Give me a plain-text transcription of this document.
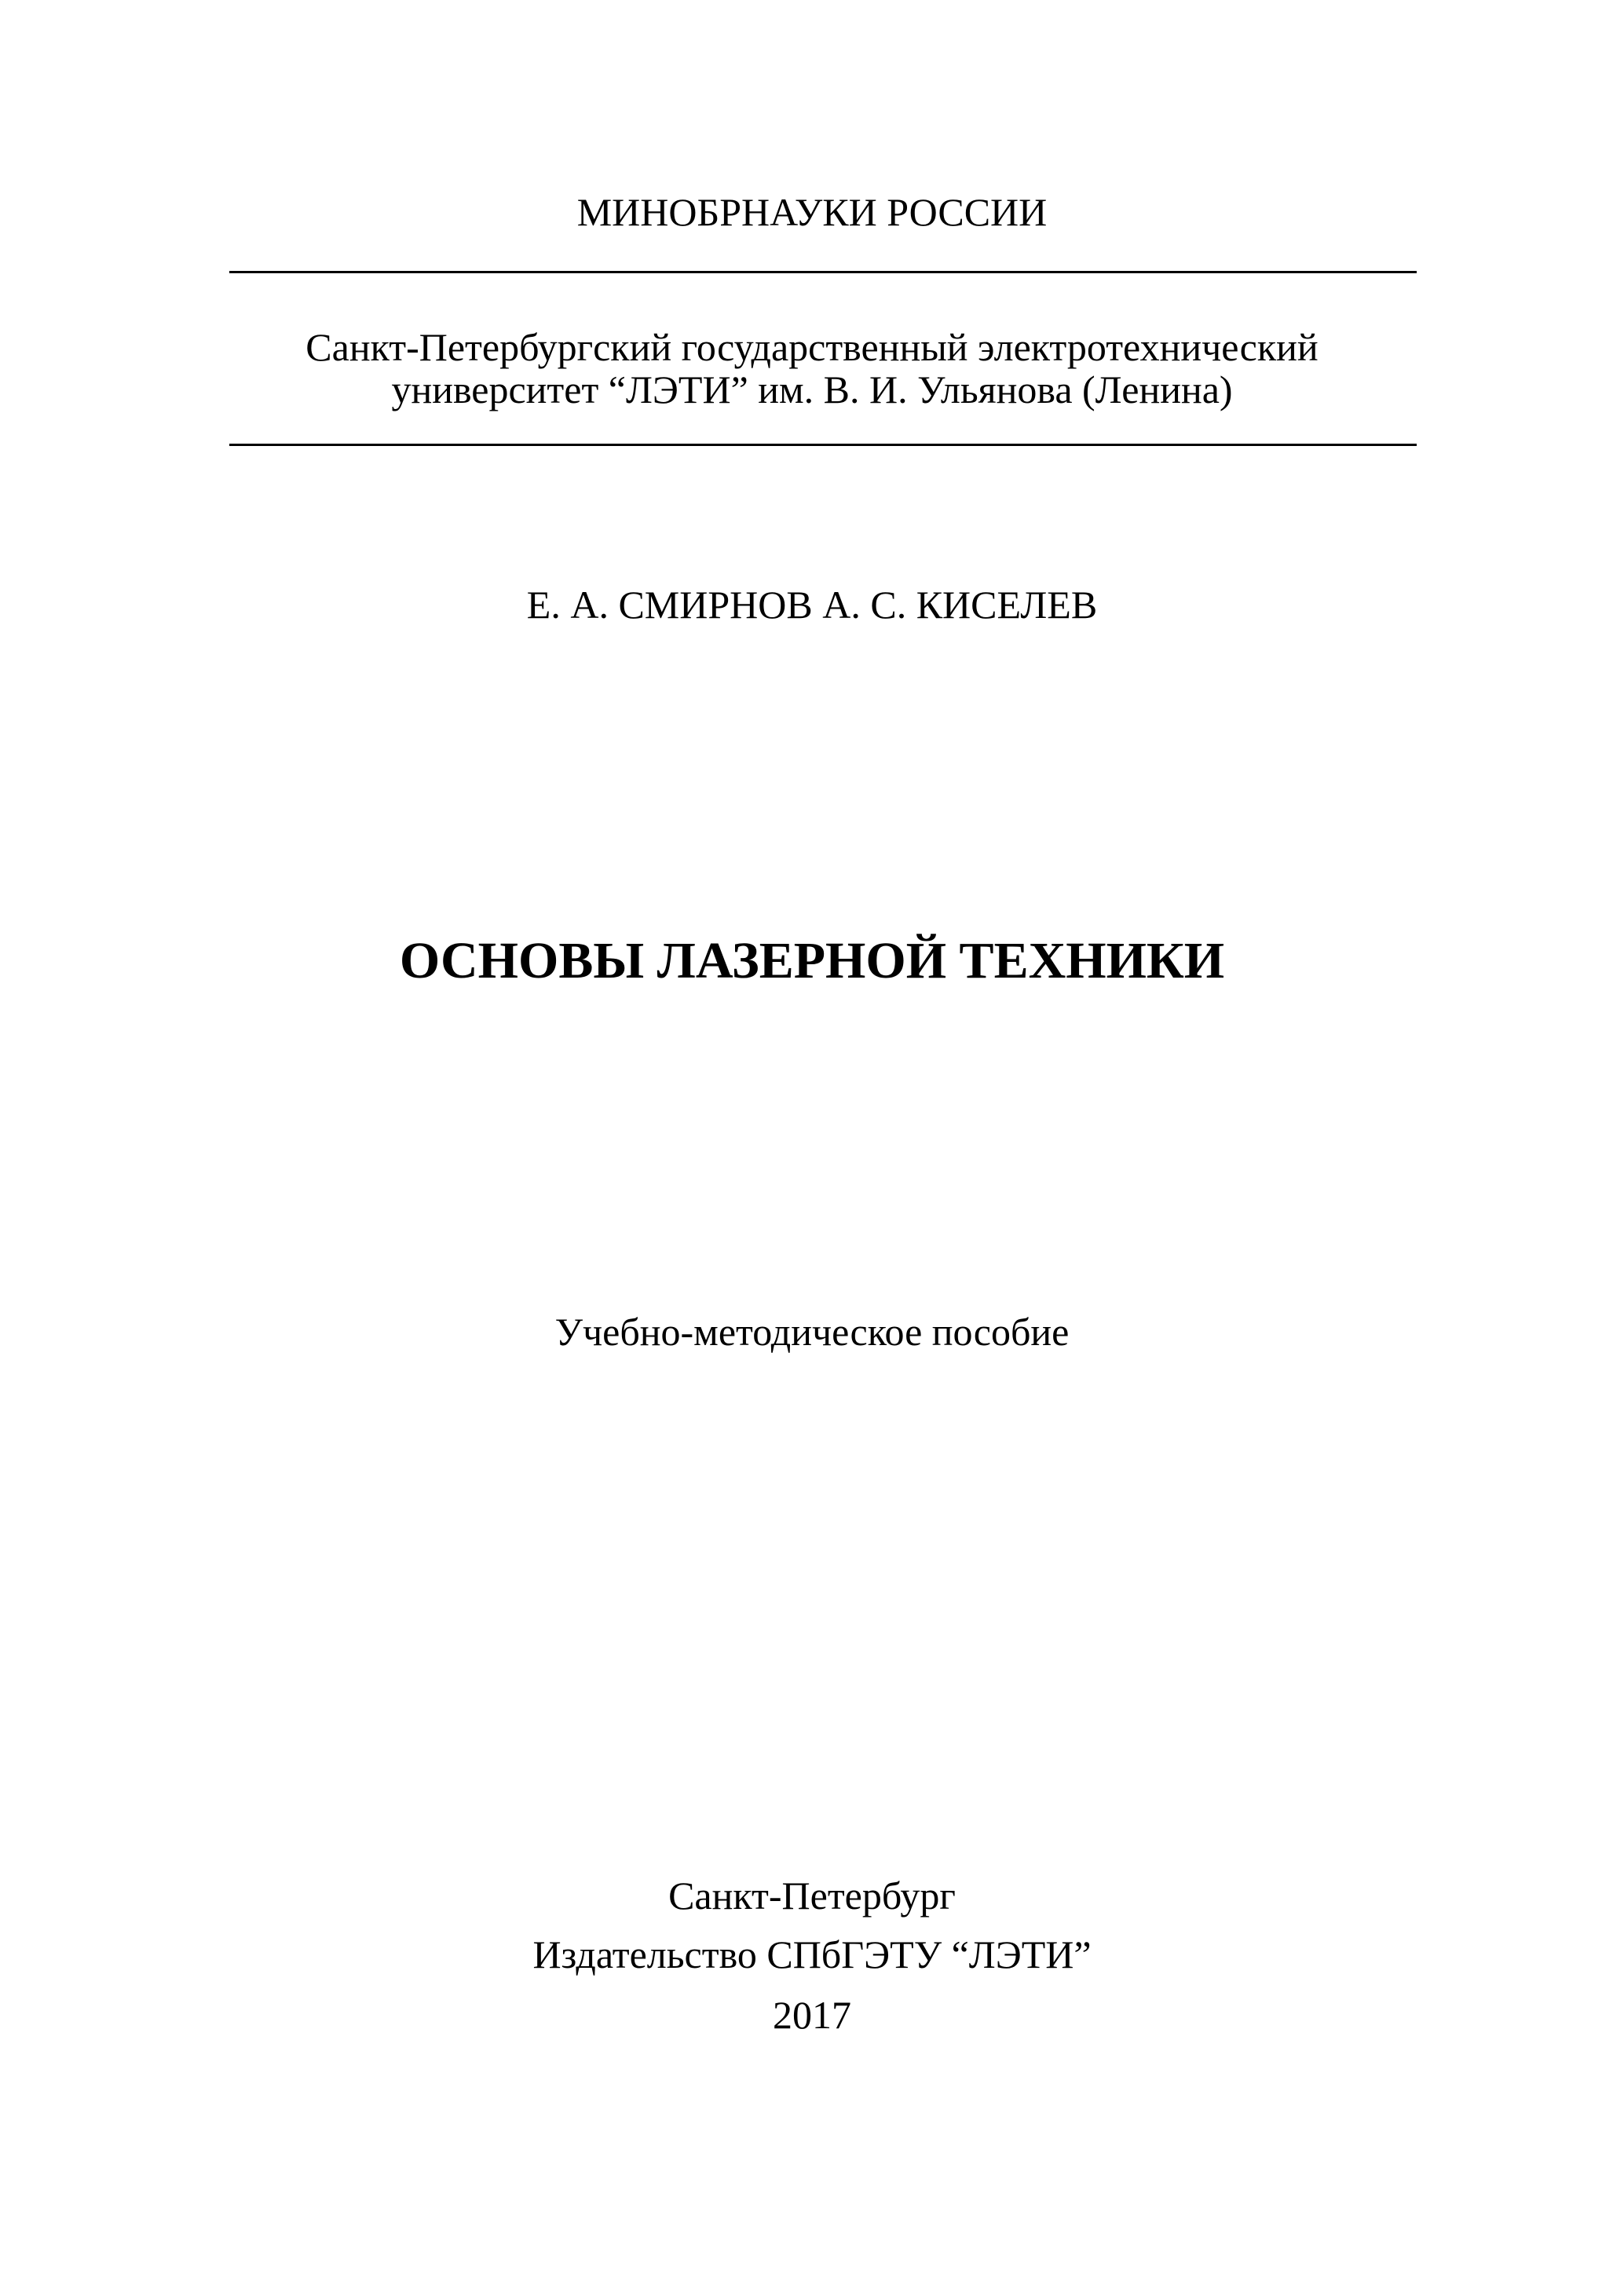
МИНОБРНАУКИ РОССИИ
Санкт-Петербургский государственный электротехнический
университет “ЛЭТИ” им. В. И. Ульянова (Ленина)
Е. А. СМИРНОВ А. С. КИСЕЛЕВ
ОСНОВЫ ЛАЗЕРНОЙ ТЕХНИКИ
Учебно-методическое пособие
Санкт-Петербург
Издательство СПбГЭТУ “ЛЭТИ”
2017
